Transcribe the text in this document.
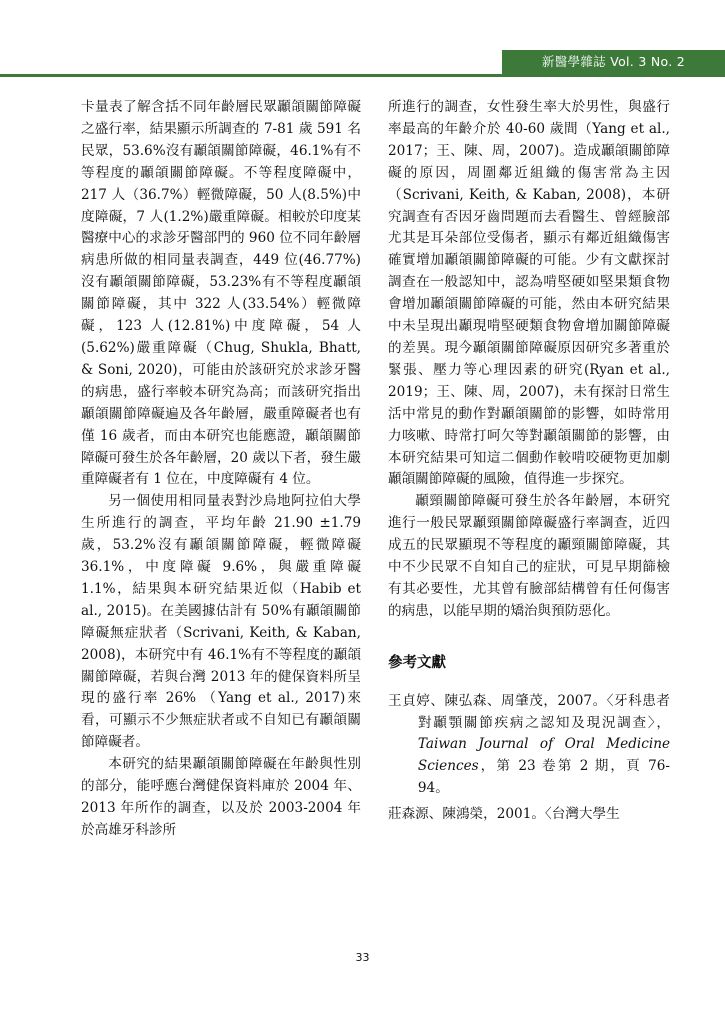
新醫學雜誌 Vol. 3 No. 2

卡量表了解含括不同年齡層民眾顳頜關節障礙之盛行率，結果顯示所調查的 7-81 歲 591 名民眾，53.6%沒有顳頜關節障礙，46.1%有不等程度的顳頜關節障礙。不等程度障礙中，217 人（36.7%）輕微障礙，50 人(8.5%)中度障礙，7 人(1.2%)嚴重障礙。相較於印度某醫療中心的求診牙醫部門的 960 位不同年齡層病患所做的相同量表調查，449 位(46.77%)沒有顳頜關節障礙，53.23%有不等程度顳頜關節障礙，其中 322 人(33.54%）輕微障礙，123 人(12.81%)中度障礙，54 人(5.62%)嚴重障礙（Chug, Shukla, Bhatt, & Soni, 2020)，可能由於該研究於求診牙醫的病患，盛行率較本研究為高；而該研究指出顳頜關節障礙遍及各年齡層，嚴重障礙者也有僅 16 歲者，而由本研究也能應證，顳頜關節障礙可發生於各年齡層，20 歲以下者，發生嚴重障礙者有 1 位在，中度障礙有 4 位。

另一個使用相同量表對沙烏地阿拉伯大學生所進行的調查，平均年齡 21.90 ±1.79 歲，53.2%沒有顳頜關節障礙，輕微障礙 36.1%，中度障礙 9.6%，與嚴重障礙 1.1%，結果與本研究結果近似（Habib et al., 2015)。在美國據估計有 50%有顳頜關節障礙無症狀者（Scrivani, Keith, & Kaban, 2008)，本研究中有 46.1%有不等程度的顳頜關節障礙，若與台灣 2013 年的健保資料所呈現的盛行率 26% （Yang et al., 2017)來看，可顯示不少無症狀者或不自知已有顳頜關節障礙者。

本研究的結果顳頜關節障礙在年齡與性別的部分，能呼應台灣健保資料庫於 2004 年、2013 年所作的調查，以及於 2003-2004 年於高雄牙科診所

所進行的調查，女性發生率大於男性，與盛行率最高的年齡介於 40-60 歲間（Yang et al., 2017；王、陳、周，2007)。造成顳頜關節障礙的原因，周圍鄰近組織的傷害常為主因（Scrivani, Keith, & Kaban, 2008)，本研究調查有否因牙齒問題而去看醫生、曾經臉部尤其是耳朵部位受傷者，顯示有鄰近組織傷害確實增加顳頜關節障礙的可能。少有文獻探討調查在一般認知中，認為啃堅硬如堅果類食物會增加顳頜關節障礙的可能，然由本研究結果中未呈現出顳現啃堅硬類食物會增加關節障礙的差異。現今顳頜關節障礙原因研究多著重於緊張、壓力等心理因素的研究(Ryan et al., 2019；王、陳、周，2007)，未有探討日常生活中常見的動作對顳頜關節的影響，如時常用力咳嗽、時常打呵欠等對顳頜關節的影響，由本研究結果可知這二個動作較啃咬硬物更加劇顳頜關節障礙的風險，值得進一步探究。

顳頸關節障礙可發生於各年齡層，本研究進行一般民眾顳頸關節障礙盛行率調查，近四成五的民眾顯現不等程度的顳頸關節障礙，其中不少民眾不自知自己的症狀，可見早期篩檢有其必要性，尤其曾有臉部結構曾有任何傷害的病患，以能早期的矯治與預防惡化。

參考文獻

王貞婷、陳弘森、周肇茂，2007。〈牙科患者對顳顎關節疾病之認知及現況調查〉，Taiwan Journal of Oral Medicine Sciences，第 23 卷第 2 期，頁 76-94。

莊森源、陳鴻榮，2001。〈台灣大學生

33
